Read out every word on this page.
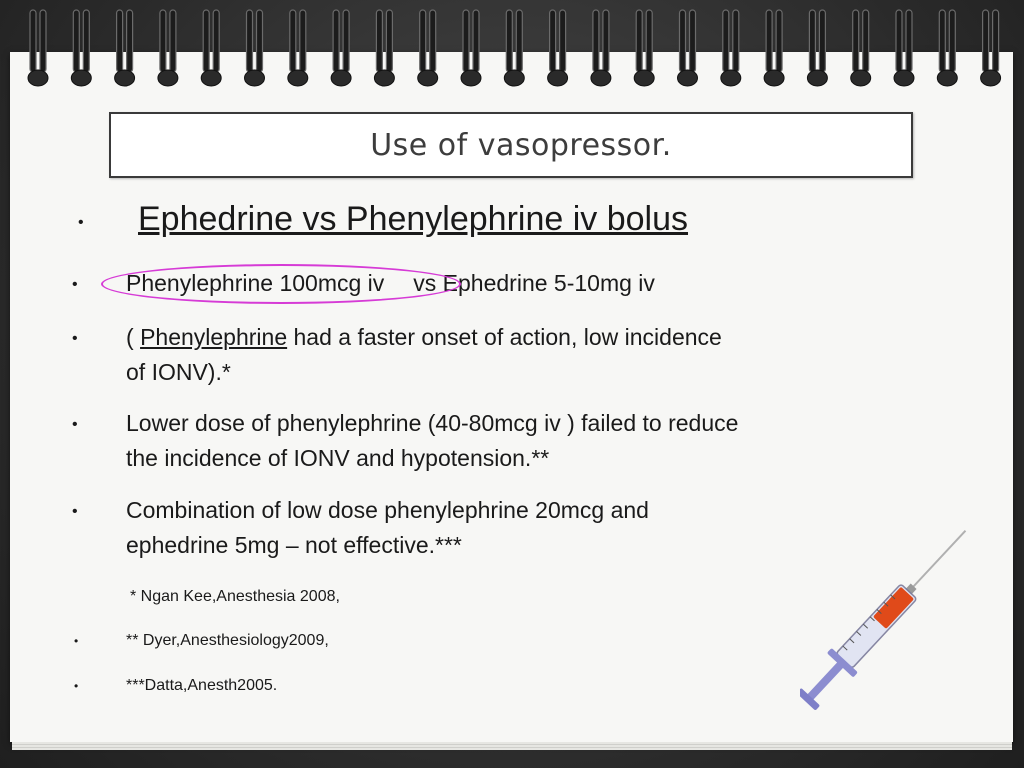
Use of vasopressor.
• Ephedrine vs Phenylephrine iv bolus
• Phenylephrine 100mcg iv vs Ephedrine 5-10mg iv
• ( Phenylephrine had a faster onset of action, low incidence
of IONV).*
• Lower dose of phenylephrine (40-80mcg iv ) failed to reduce
the incidence of IONV and hypotension.**
• Combination of low dose phenylephrine 20mcg and
ephedrine 5mg – not effective.***
* Ngan Kee,Anesthesia 2008,
•	** Dyer,Anesthesiology2009,
•	***Datta,Anesth2005.
